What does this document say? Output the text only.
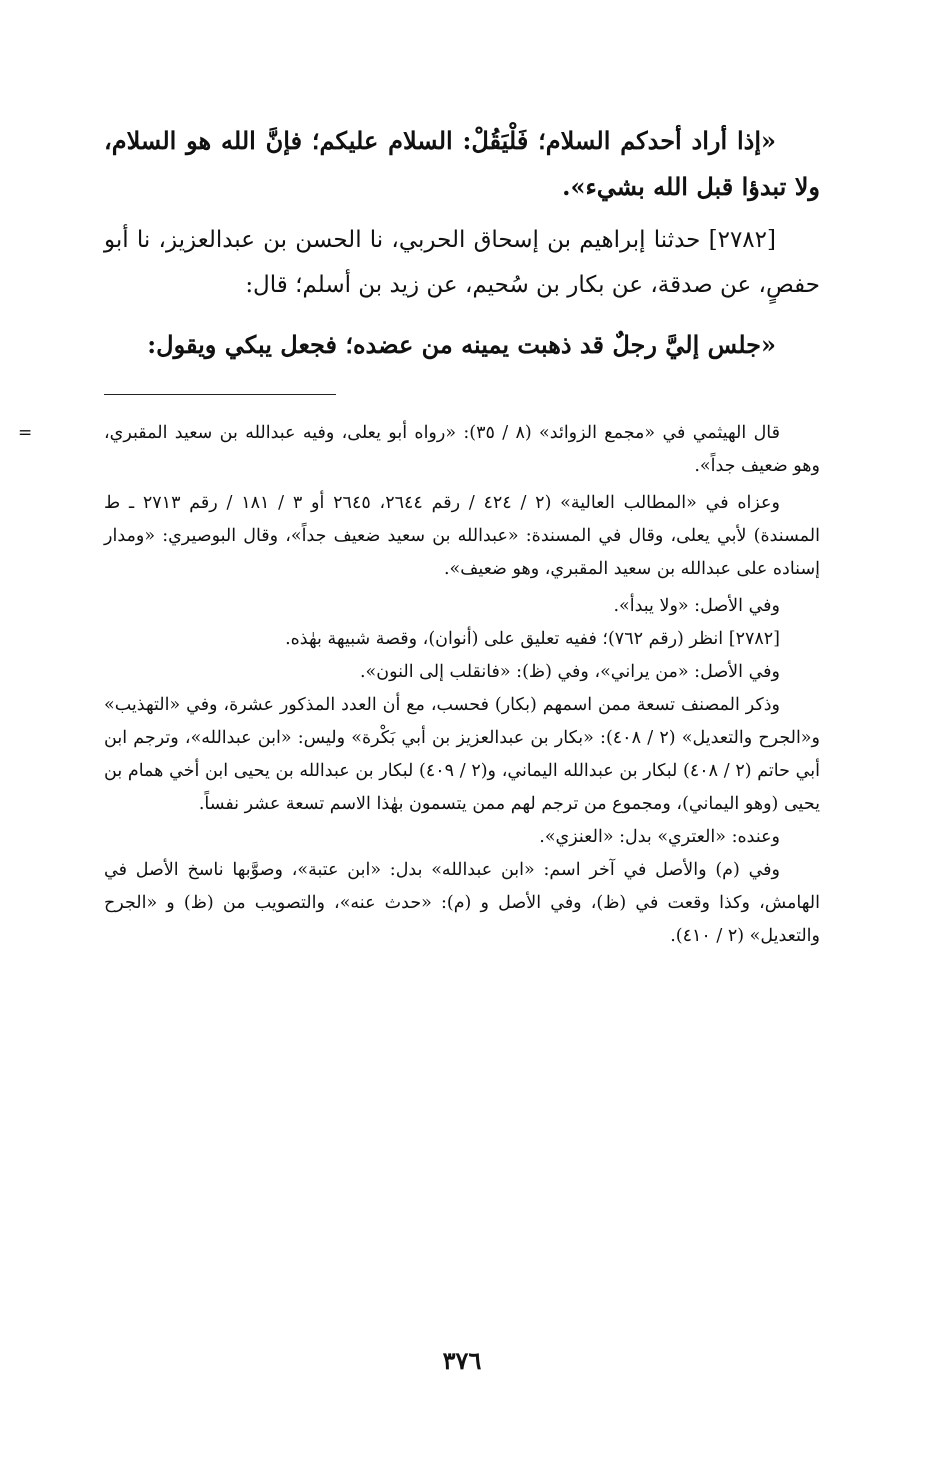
«إذا أراد أحدكم السلام؛ فَلْيَقُلْ: السلام عليكم؛ فإنَّ الله هو السلام، ولا تبدؤا قبل الله بشيء».

[٢٧٨٢] حدثنا إبراهيم بن إسحاق الحربي، نا الحسن بن عبدالعزيز، نا أبو حفصٍ، عن صدقة، عن بكار بن سُحيم، عن زيد بن أسلم؛ قال:

«جلس إليَّ رجلٌ قد ذهبت يمينه من عضده؛ فجعل يبكي ويقول:

=	قال الهيثمي في «مجمع الزوائد» (٨ / ٣٥): «رواه أبو يعلى، وفيه عبدالله بن سعيد المقبري، وهو ضعيف جداً».

وعزاه في «المطالب العالية» (٢ / ٤٢٤ / رقم ٢٦٤٤، ٢٦٤٥ أو ٣ / ١٨١ / رقم ٢٧١٣ ـ ط المسندة) لأبي يعلى، وقال في المسندة: «عبدالله بن سعيد ضعيف جداً»، وقال البوصيري: «ومدار إسناده على عبدالله بن سعيد المقبري، وهو ضعيف».

وفي الأصل: «ولا يبدأ».

[٢٧٨٢] انظر (رقم ٧٦٢)؛ ففيه تعليق على (أنوان)، وقصة شبيهة بهٰذه.

وفي الأصل: «من يراني»، وفي (ظ): «فانقلب إلى النون».

وذكر المصنف تسعة ممن اسمهم (بكار) فحسب، مع أن العدد المذكور عشرة، وفي «التهذيب» و«الجرح والتعديل» (٢ / ٤٠٨): «بكار بن عبدالعزيز بن أبي بَكْرة» وليس: «ابن عبدالله»، وترجم ابن أبي حاتم (٢ / ٤٠٨) لبكار بن عبدالله اليماني، و(٢ / ٤٠٩) لبكار بن عبدالله بن يحيى ابن أخي همام بن يحيى (وهو اليماني)، ومجموع من ترجم لهم ممن يتسمون بهٰذا الاسم تسعة عشر نفساً.

وعنده: «العتري» بدل: «العنزي».

وفي (م) والأصل في آخر اسم: «ابن عبدالله» بدل: «ابن عتبة»، وصوَّبها ناسخ الأصل في الهامش، وكذا وقعت في (ظ)، وفي الأصل و (م): «حدث عنه»، والتصويب من (ظ) و «الجرح والتعديل» (٢ / ٤١٠).

٣٧٦
